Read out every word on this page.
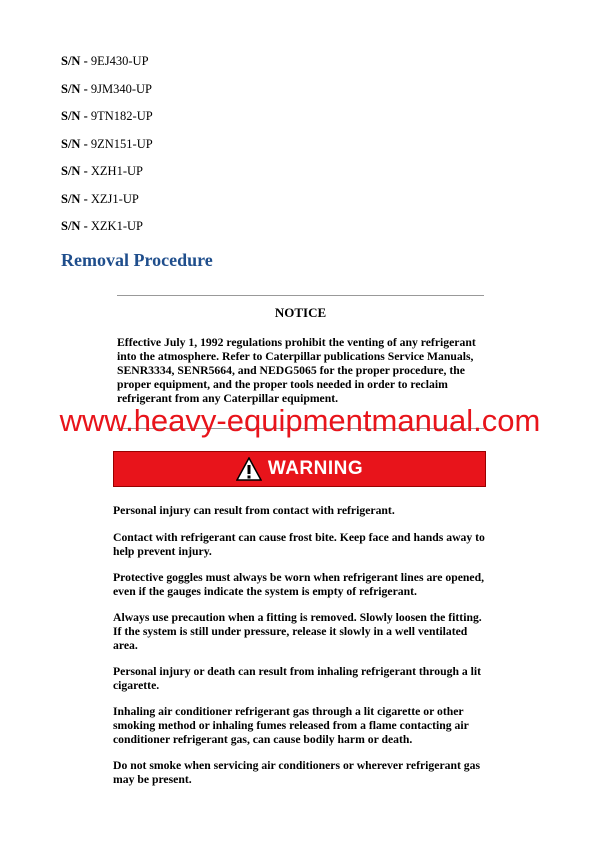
S/N - 9EJ430-UP
S/N - 9JM340-UP
S/N - 9TN182-UP
S/N - 9ZN151-UP
S/N - XZH1-UP
S/N - XZJ1-UP
S/N - XZK1-UP
Removal Procedure
NOTICE
Effective July 1, 1992 regulations prohibit the venting of any refrigerant into the atmosphere. Refer to Caterpillar publications Service Manuals, SENR3334, SENR5664, and NEDG5065 for the proper procedure, the proper equipment, and the proper tools needed in order to reclaim refrigerant from any Caterpillar equipment.
www.heavy-equipmentmanual.com
WARNING
Personal injury can result from contact with refrigerant.
Contact with refrigerant can cause frost bite. Keep face and hands away to help prevent injury.
Protective goggles must always be worn when refrigerant lines are opened, even if the gauges indicate the system is empty of refrigerant.
Always use precaution when a fitting is removed. Slowly loosen the fitting. If the system is still under pressure, release it slowly in a well ventilated area.
Personal injury or death can result from inhaling refrigerant through a lit cigarette.
Inhaling air conditioner refrigerant gas through a lit cigarette or other smoking method or inhaling fumes released from a flame contacting air conditioner refrigerant gas, can cause bodily harm or death.
Do not smoke when servicing air conditioners or wherever refrigerant gas may be present.
